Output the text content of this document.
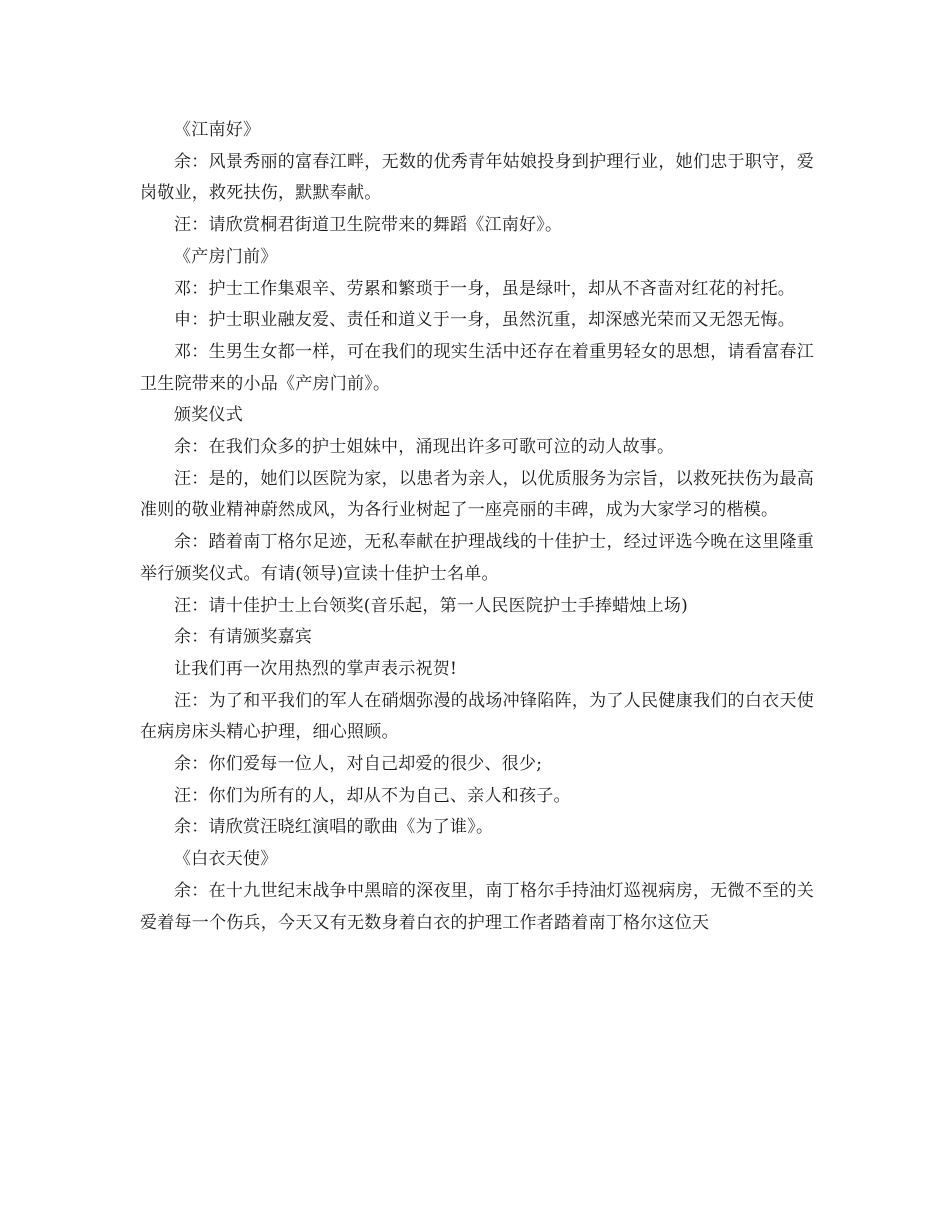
《江南好》

余：风景秀丽的富春江畔，无数的优秀青年姑娘投身到护理行业，她们忠于职守，爱岗敬业，救死扶伤，默默奉献。

汪：请欣赏桐君街道卫生院带来的舞蹈《江南好》。

《产房门前》

邓：护士工作集艰辛、劳累和繁琐于一身，虽是绿叶，却从不吝啬对红花的衬托。

申：护士职业融友爱、责任和道义于一身，虽然沉重，却深感光荣而又无怨无悔。

邓：生男生女都一样，可在我们的现实生活中还存在着重男轻女的思想，请看富春江卫生院带来的小品《产房门前》。

颁奖仪式

余：在我们众多的护士姐妹中，涌现出许多可歌可泣的动人故事。

汪：是的，她们以医院为家，以患者为亲人，以优质服务为宗旨，以救死扶伤为最高准则的敬业精神蔚然成风，为各行业树起了一座亮丽的丰碑，成为大家学习的楷模。

余：踏着南丁格尔足迹，无私奉献在护理战线的十佳护士，经过评选今晚在这里隆重举行颁奖仪式。有请(领导)宣读十佳护士名单。

汪：请十佳护士上台领奖(音乐起，第一人民医院护士手捧蜡烛上场)

余：有请颁奖嘉宾

让我们再一次用热烈的掌声表示祝贺!

汪：为了和平我们的军人在硝烟弥漫的战场冲锋陷阵，为了人民健康我们的白衣天使在病房床头精心护理，细心照顾。

余：你们爱每一位人，对自己却爱的很少、很少;

汪：你们为所有的人，却从不为自己、亲人和孩子。

余：请欣赏汪晓红演唱的歌曲《为了谁》。

《白衣天使》

余：在十九世纪末战争中黑暗的深夜里，南丁格尔手持油灯巡视病房，无微不至的关爱着每一个伤兵，今天又有无数身着白衣的护理工作者踏着南丁格尔这位天
